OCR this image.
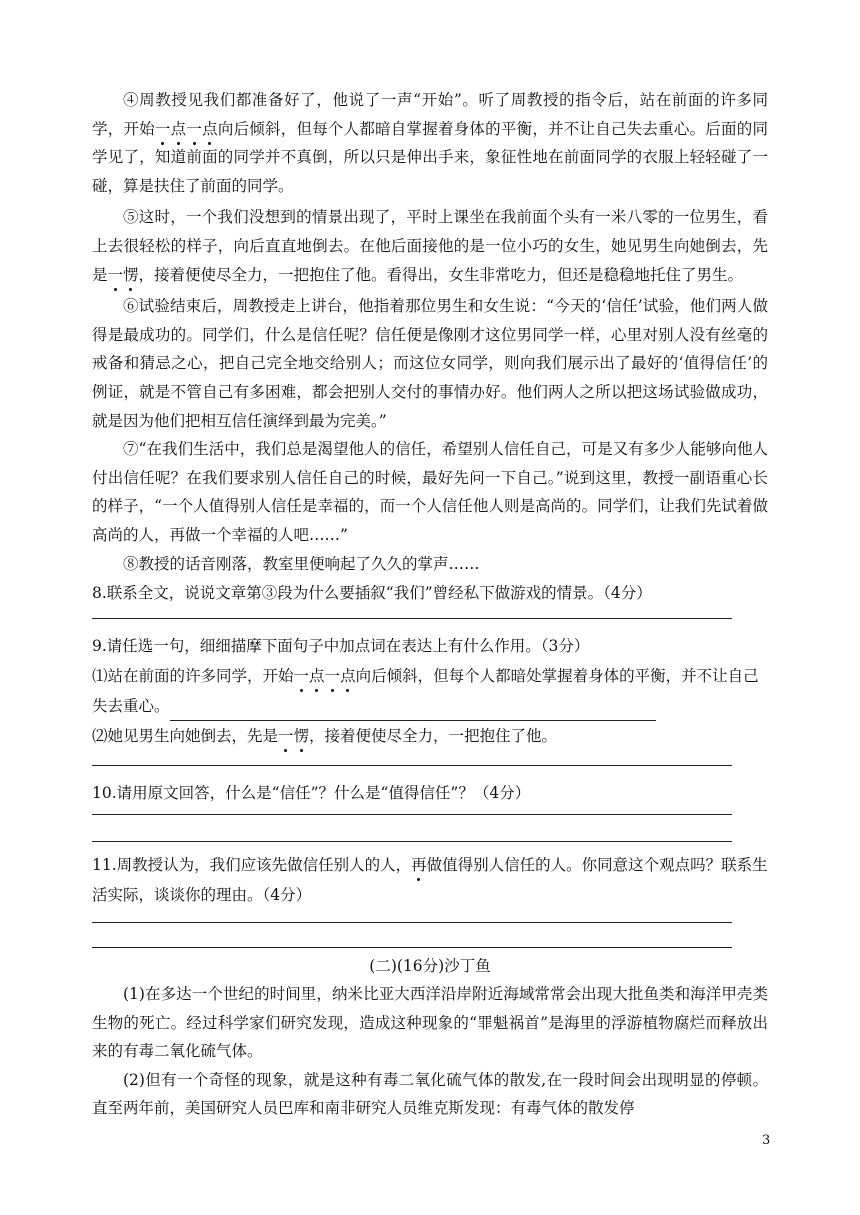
④周教授见我们都准备好了，他说了一声“开始”。听了周教授的指令后，站在前面的许多同学，开始一点一点向后倾斜，但每个人都暗自掌握着身体的平衡，并不让自己失去重心。后面的同学见了，知道前面的同学并不真倒，所以只是伸出手来，象征性地在前面同学的衣服上轻轻碰了一碰，算是扶住了前面的同学。

⑤这时，一个我们没想到的情景出现了，平时上课坐在我前面个头有一米八零的一位男生，看上去很轻松的样子，向后直直地倒去。在他后面接他的是一位小巧的女生，她见男生向她倒去，先是一愣，接着便使尽全力，一把抱住了他。看得出，女生非常吃力，但还是稳稳地托住了男生。

⑥试验结束后，周教授走上讲台，他指着那位男生和女生说：“今天的‘信任’试验，他们两人做得是最成功的。同学们，什么是信任呢？信任便是像刚才这位男同学一样，心里对别人没有丝毫的戒备和猜忌之心，把自己完全地交给别人；而这位女同学，则向我们展示出了最好的‘值得信任’的例证，就是不管自己有多困难，都会把别人交付的事情办好。他们两人之所以把这场试验做成功，就是因为他们把相互信任演绎到最为完美。”

⑦“在我们生活中，我们总是渴望他人的信任，希望别人信任自己，可是又有多少人能够向他人付出信任呢？在我们要求别人信任自己的时候，最好先问一下自己。”说到这里，教授一副语重心长的样子，“一个人值得别人信任是幸福的，而一个人信任他人则是高尚的。同学们，让我们先试着做高尚的人，再做一个幸福的人吧……”

⑧教授的话音刚落，教室里便响起了久久的掌声……

8.联系全文，说说文章第③段为什么要插叙“我们”曾经私下做游戏的情景。（4分）

9.请任选一句，细细描摩下面句子中加点词在表达上有什么作用。（3分）

⑴站在前面的许多同学，开始一点一点向后倾斜，但每个人都暗处掌握着身体的平衡，并不让自己失去重心。

⑵她见男生向她倒去，先是一愣，接着便使尽全力，一把抱住了他。

10.请用原文回答，什么是“信任”？什么是“值得信任”？（4分）

11.周教授认为，我们应该先做信任别人的人，再做值得别人信任的人。你同意这个观点吗？联系生活实际，谈谈你的理由。（4分）

(二)(16分)沙丁鱼

(1)在多达一个世纪的时间里，纳米比亚大西洋沿岸附近海域常常会出现大批鱼类和海洋甲壳类生物的死亡。经过科学家们研究发现，造成这种现象的“罪魁祸首”是海里的浮游植物腐烂而释放出来的有毒二氧化硫气体。

(2)但有一个奇怪的现象，就是这种有毒二氧化硫气体的散发,在一段时间会出现明显的停顿。直至两年前，美国研究人员巴库和南非研究人员维克斯发现：有毒气体的散发停

3
